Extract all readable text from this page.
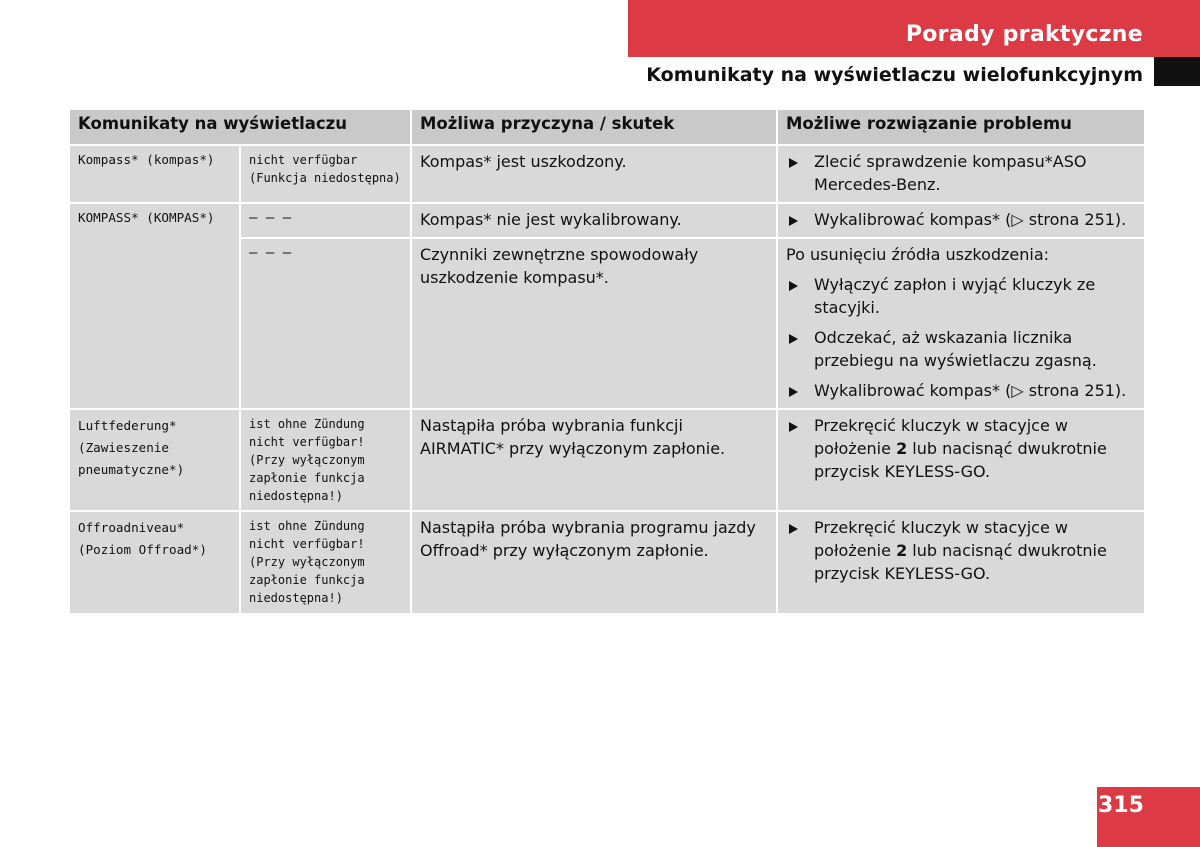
Porady praktyczne
Komunikaty na wyświetlaczu wielofunkcyjnym
Komunikaty na wyświetlaczu		Możliwa przyczyna / skutek	Możliwe rozwiązanie problemu
Kompass* (kompas*)	nicht verfügbar (Funkcja niedostępna)	Kompas* jest uszkodzony.	Zlecić sprawdzenie kompasu*ASO Mercedes-Benz.

KOMPASS* (KOMPAS*)	– – –	Kompas* nie jest wykalibrowany.	Wykalibrować kompas* (▷ strona 251).

	– – –	Czynniki zewnętrzne spowodowały uszkodzenie kompasu*.	Po usunięciu źródła uszkodzenia:
Wyłączyć zapłon i wyjąć kluczyk ze stacyjki.
Odczekać, aż wskazania licznika przebiegu na wyświetlaczu zgasną.
Wykalibrować kompas* (▷ strona 251).

Luftfederung* (Zawieszenie pneumatyczne*)	ist ohne Zündung nicht verfügbar! (Przy wyłączonym zapłonie funkcja niedostępna!)	Nastąpiła próba wybrania funkcji AIRMATIC* przy wyłączonym zapłonie.	Przekręcić kluczyk w stacyjce w położenie 2 lub nacisnąć dwukrotnie przycisk KEYLESS-GO.

Offroadniveau* (Poziom Offroad*)	ist ohne Zündung nicht verfügbar! (Przy wyłączonym zapłonie funkcja niedostępna!)	Nastąpiła próba wybrania programu jazdy Offroad* przy wyłączonym zapłonie.	Przekręcić kluczyk w stacyjce w położenie 2 lub nacisnąć dwukrotnie przycisk KEYLESS-GO.
315
